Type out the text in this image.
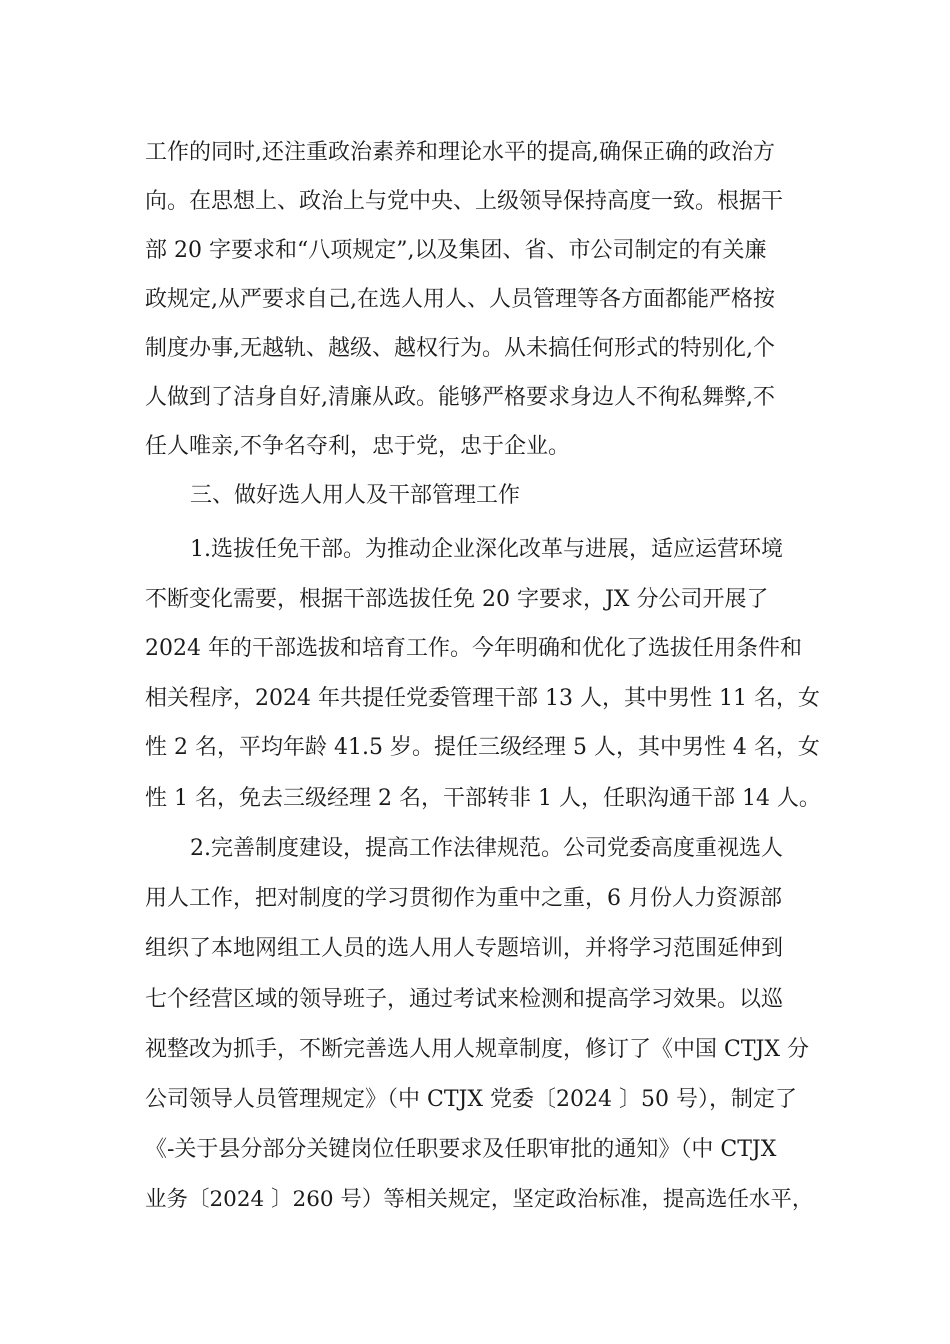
工作的同时,还注重政治素养和理论水平的提高,确保正确的政治方
向。在思想上、政治上与党中央、上级领导保持高度一致。根据干
部 20 字要求和“八项规定”,以及集团、省、市公司制定的有关廉
政规定,从严要求自己,在选人用人、人员管理等各方面都能严格按
制度办事,无越轨、越级、越权行为。从未搞任何形式的特别化,个
人做到了洁身自好,清廉从政。能够严格要求身边人不徇私舞弊,不
任人唯亲,不争名夺利，忠于党，忠于企业。
三、做好选人用人及干部管理工作
1.选拔任免干部。为推动企业深化改革与进展，适应运营环境
不断变化需要，根据干部选拔任免 20 字要求，JX 分公司开展了
2024 年的干部选拔和培育工作。今年明确和优化了选拔任用条件和
相关程序，2024 年共提任党委管理干部 13 人，其中男性 11 名，女
性 2 名，平均年龄 41.5 岁。提任三级经理 5 人，其中男性 4 名，女
性 1 名，免去三级经理 2 名，干部转非 1 人，任职沟通干部 14 人。
2.完善制度建设，提高工作法律规范。公司党委高度重视选人
用人工作，把对制度的学习贯彻作为重中之重，6 月份人力资源部
组织了本地网组工人员的选人用人专题培训，并将学习范围延伸到
七个经营区域的领导班子，通过考试来检测和提高学习效果。以巡
视整改为抓手，不断完善选人用人规章制度，修订了《中国 CTJX 分
公司领导人员管理规定》（中 CTJX 党委〔2024 〕50 号），制定了
《-关于县分部分关键岗位任职要求及任职审批的通知》（中 CTJX
业务〔2024 〕260 号）等相关规定，坚定政治标准，提高选任水平，
